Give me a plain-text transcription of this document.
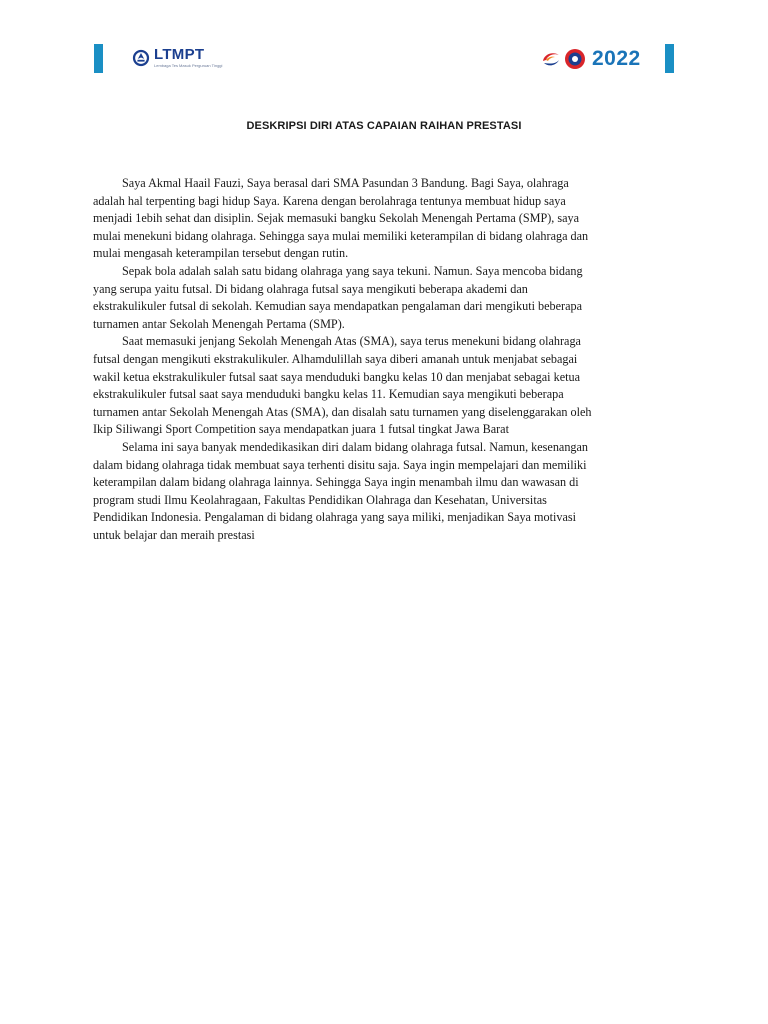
LTMPT
Lembaga Tes Masuk Perguruan Tinggi	2022
DESKRIPSI DIRI ATAS CAPAIAN RAIHAN PRESTASI
Saya Akmal Haail Fauzi, Saya berasal dari SMA Pasundan 3 Bandung. Bagi Saya, olahraga
adalah hal terpenting bagi hidup Saya. Karena dengan berolahraga tentunya membuat hidup saya
menjadi 1ebih sehat dan disiplin. Sejak memasuki bangku Sekolah Menengah Pertama (SMP), saya
mulai menekuni bidang olahraga. Sehingga saya mulai memiliki keterampilan di bidang olahraga dan
mulai mengasah keterampilan tersebut dengan rutin.
Sepak bola adalah salah satu bidang olahraga yang saya tekuni. Namun. Saya mencoba bidang
yang serupa yaitu futsal. Di bidang olahraga futsal saya mengikuti beberapa akademi dan
ekstrakulikuler futsal di sekolah. Kemudian saya mendapatkan pengalaman dari mengikuti beberapa
turnamen antar Sekolah Menengah Pertama (SMP).
Saat memasuki jenjang Sekolah Menengah Atas (SMA), saya terus menekuni bidang olahraga
futsal dengan mengikuti ekstrakulikuler. Alhamdulillah saya diberi amanah untuk menjabat sebagai
wakil ketua ekstrakulikuler futsal saat saya menduduki bangku kelas 10 dan menjabat sebagai ketua
ekstrakulikuler futsal saat saya menduduki bangku kelas 11. Kemudian saya mengikuti beberapa
turnamen antar Sekolah Menengah Atas (SMA), dan disalah satu turnamen yang diselenggarakan oleh
Ikip Siliwangi Sport Competition saya mendapatkan juara 1 futsal tingkat Jawa Barat
Selama ini saya banyak mendedikasikan diri dalam bidang olahraga futsal. Namun, kesenangan
dalam bidang olahraga tidak membuat saya terhenti disitu saja. Saya ingin mempelajari dan memiliki
keterampilan dalam bidang olahraga lainnya. Sehingga Saya ingin menambah ilmu dan wawasan di
program studi Ilmu Keolahragaan, Fakultas Pendidikan Olahraga dan Kesehatan, Universitas
Pendidikan Indonesia. Pengalaman di bidang olahraga yang saya miliki, menjadikan Saya motivasi
untuk belajar dan meraih prestasi
